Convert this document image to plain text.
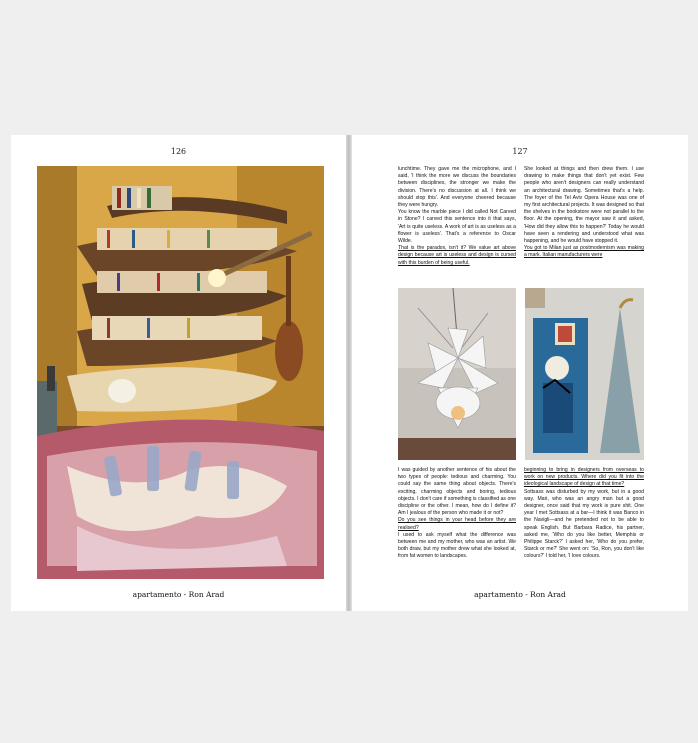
126
apartamento - Ron Arad
127

lunchtime. They gave me the microphone, and I said, 'I think the more we discuss the boundaries between disciplines, the stronger we make the division. There's no discussion at all. I think we should stop this'. And everyone cheered because they were hungry.

You know the marble piece I did called Not Carved in Stone? I carved this sentence into it that says, 'Art is quite useless. A work of art is as useless as a flower is useless'. That's a reference to Oscar Wilde.

That is the paradox, isn't it? We value art above design because art is useless and design is cursed with this burden of being useful.

She looked at things and then drew them. I use drawing to make things that don't yet exist. Few people who aren't designers can really understand an architectural drawing. Sometimes that's a help. The foyer of the Tel Aviv Opera House was one of my first architectural projects. It was designed so that the shelves in the bookstore were not parallel to the floor. At the opening, the mayor saw it and asked, 'How did they allow this to happen?' Today he would have seen a rendering and understood what was happening, and he would have stopped it.

You got to Milan just as postmodernism was making a mark. Italian manufacturers were

I was guided by another sentence of his about the two types of people: tedious and charming. You could say the same thing about objects. There's exciting, charming objects and boring, tedious objects. I don't care if something is classified as one discipline or the other. I mean, how do I define it? Am I jealous of the person who made it or not?

Do you see things in your head before they are realised?

I used to ask myself what the difference was between me and my mother, who was an artist. We both draw, but my mother drew what she looked at, from fat women to landscapes.

beginning to bring in designers from overseas to work on new products. Where did you fit into the ideological landscape of design at that time?

Sottsass was disturbed by my work, but in a good way. Mari, who was an angry man but a good designer, once said that my work is pure shit. One year I met Sottsass at a bar—I think it was Banco in the Navigli—and he pretended not to be able to speak English. But Barbara Radice, his partner, asked me, 'Who do you like better, Memphis or Philippe Starck?' I asked her, 'Who do you prefer, Starck or me?' She went on: 'So, Ron, you don't like colours?' I told her, 'I love colours.

apartamento - Ron Arad
